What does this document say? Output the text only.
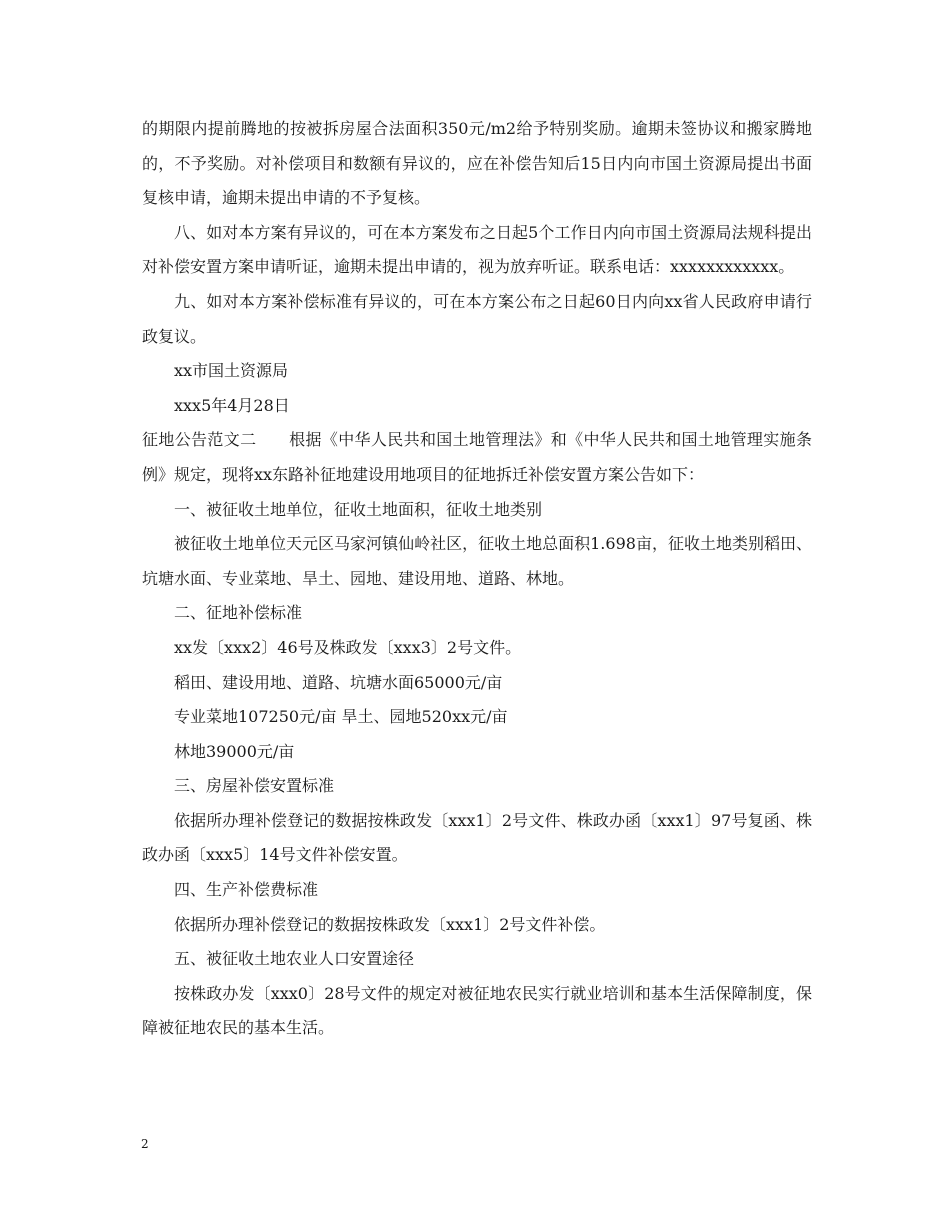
的期限内提前腾地的按被拆房屋合法面积350元/m2给予特别奖励。逾期未签协议和搬家腾地的，不予奖励。对补偿项目和数额有异议的，应在补偿告知后15日内向市国土资源局提出书面复核申请，逾期未提出申请的不予复核。

八、如对本方案有异议的，可在本方案发布之日起5个工作日内向市国土资源局法规科提出对补偿安置方案申请听证，逾期未提出申请的，视为放弃听证。联系电话：xxxxxxxxxxxx。

九、如对本方案补偿标准有异议的，可在本方案公布之日起60日内向xx省人民政府申请行政复议。

xx市国土资源局

xxx5年4月28日

征地公告范文二　　根据《中华人民共和国土地管理法》和《中华人民共和国土地管理实施条例》规定，现将xx东路补征地建设用地项目的征地拆迁补偿安置方案公告如下：

一、被征收土地单位，征收土地面积，征收土地类别

被征收土地单位天元区马家河镇仙岭社区，征收土地总面积1.698亩，征收土地类别稻田、坑塘水面、专业菜地、旱土、园地、建设用地、道路、林地。

二、征地补偿标准

xx发〔xxx2〕46号及株政发〔xxx3〕2号文件。

稻田、建设用地、道路、坑塘水面65000元/亩

专业菜地107250元/亩 旱土、园地520xx元/亩

林地39000元/亩

三、房屋补偿安置标准

依据所办理补偿登记的数据按株政发〔xxx1〕2号文件、株政办函〔xxx1〕97号复函、株政办函〔xxx5〕14号文件补偿安置。

四、生产补偿费标准

依据所办理补偿登记的数据按株政发〔xxx1〕2号文件补偿。

五、被征收土地农业人口安置途径

按株政办发〔xxx0〕28号文件的规定对被征地农民实行就业培训和基本生活保障制度，保障被征地农民的基本生活。

2
